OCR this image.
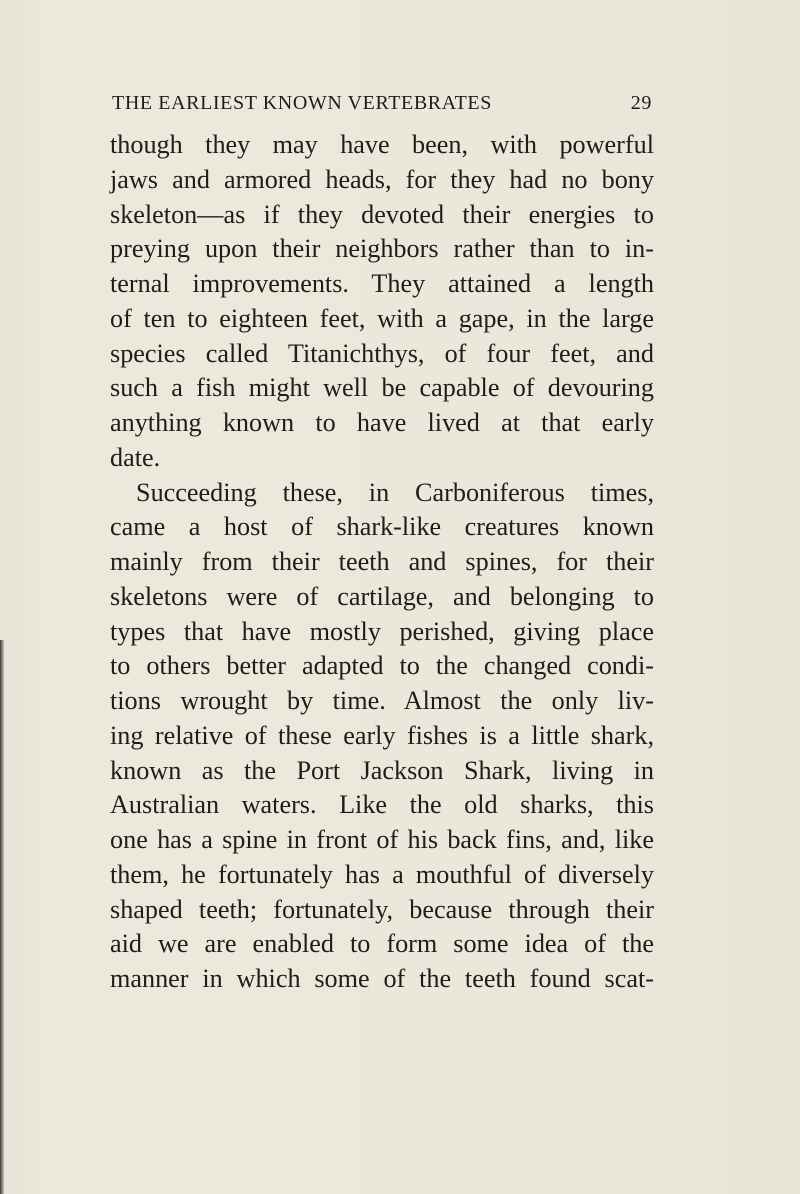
THE EARLIEST KNOWN VERTEBRATES	29
though they may have been, with powerful
jaws and armored heads, for they had no bony
skeleton—as if they devoted their energies to
preying upon their neighbors rather than to in-
ternal improvements. They attained a length
of ten to eighteen feet, with a gape, in the large
species called Titanichthys, of four feet, and
such a fish might well be capable of devouring
anything known to have lived at that early
date.
Succeeding these, in Carboniferous times,
came a host of shark-like creatures known
mainly from their teeth and spines, for their
skeletons were of cartilage, and belonging to
types that have mostly perished, giving place
to others better adapted to the changed condi-
tions wrought by time. Almost the only liv-
ing relative of these early fishes is a little shark,
known as the Port Jackson Shark, living in
Australian waters. Like the old sharks, this
one has a spine in front of his back fins, and, like
them, he fortunately has a mouthful of diversely
shaped teeth; fortunately, because through their
aid we are enabled to form some idea of the
manner in which some of the teeth found scat-
